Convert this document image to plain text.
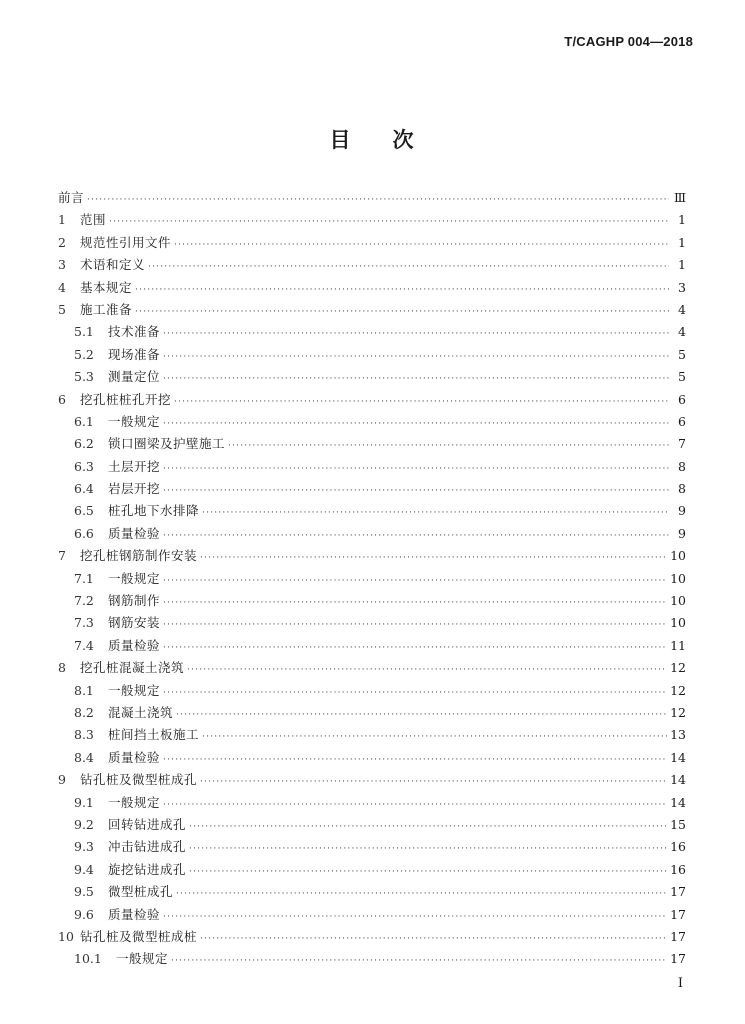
T/CAGHP 004—2018
目 次
前言 ·····	Ⅲ
1	范围 ·····	1
2	规范性引用文件 ·····	1
3	术语和定义 ·····	1
4	基本规定 ·····	3
5	施工准备 ·····	4
5.1	技术准备 ·····	4
5.2	现场准备 ·····	5
5.3	测量定位 ·····	5
6	挖孔桩桩孔开挖 ·····	6
6.1	一般规定 ·····	6
6.2	锁口圈梁及护壁施工 ·····	7
6.3	土层开挖 ·····	8
6.4	岩层开挖 ·····	8
6.5	桩孔地下水排降 ·····	9
6.6	质量检验 ·····	9
7	挖孔桩钢筋制作安装 ·····	10
7.1	一般规定 ·····	10
7.2	钢筋制作 ·····	10
7.3	钢筋安装 ·····	10
7.4	质量检验 ·····	11
8	挖孔桩混凝土浇筑 ·····	12
8.1	一般规定 ·····	12
8.2	混凝土浇筑 ·····	12
8.3	桩间挡土板施工 ·····	13
8.4	质量检验 ·····	14
9	钻孔桩及微型桩成孔 ·····	14
9.1	一般规定 ·····	14
9.2	回转钻进成孔 ·····	15
9.3	冲击钻进成孔 ·····	16
9.4	旋挖钻进成孔 ·····	16
9.5	微型桩成孔 ·····	17
9.6	质量检验 ·····	17
10 钻孔桩及微型桩成桩 ·····	17
10.1	一般规定 ·····	17
Ⅰ
